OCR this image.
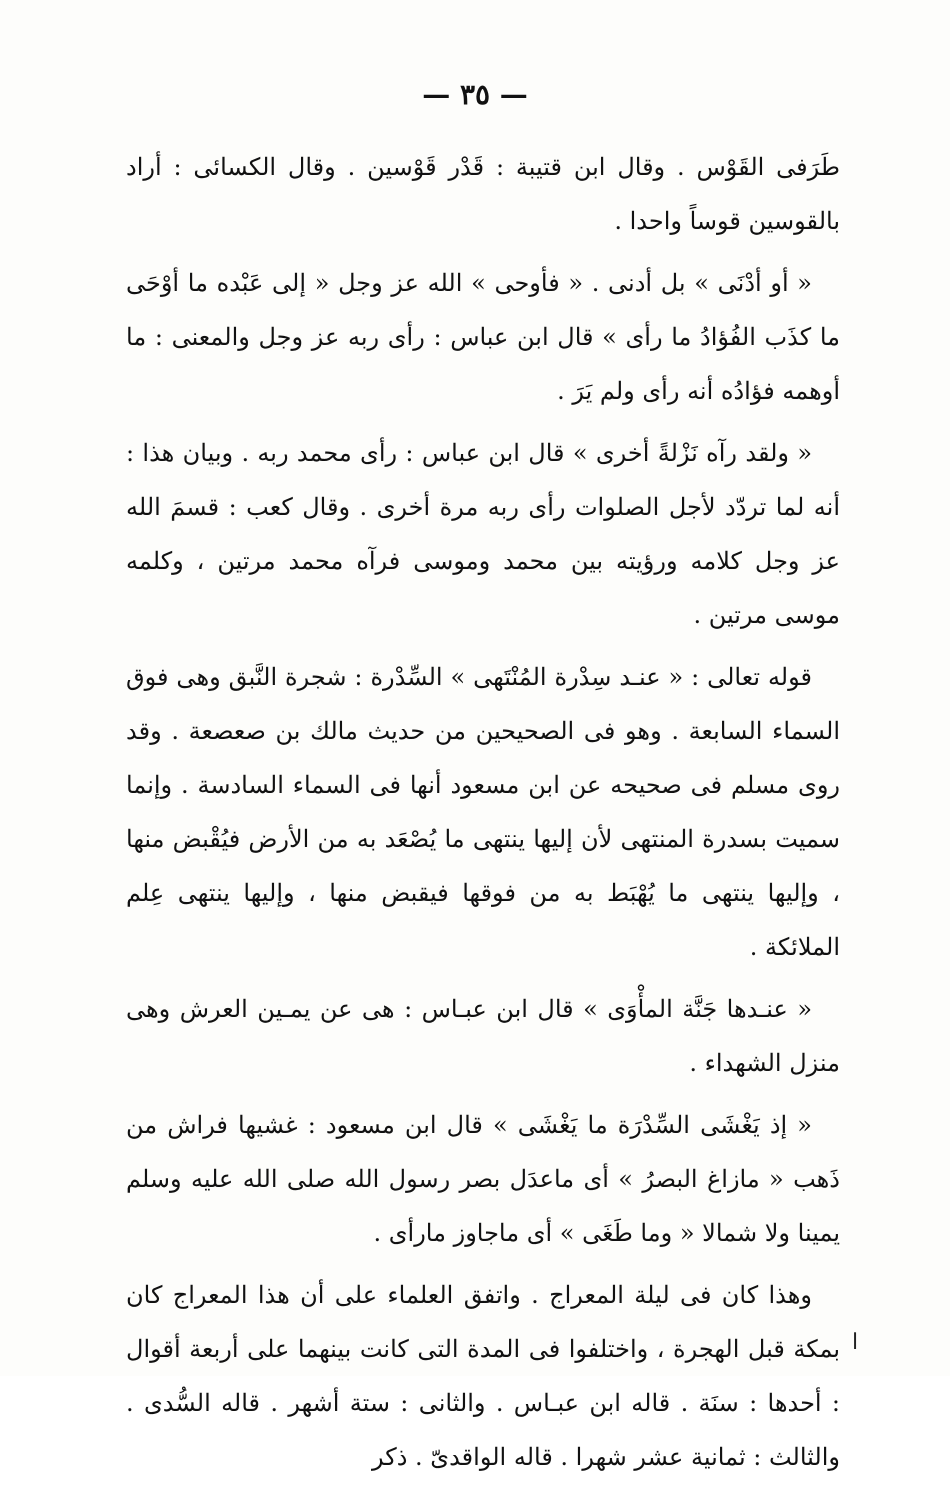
— ٣٥ —

طَرَفى القَوْس . وقال ابن قتيبة : قَدْر قَوْسين . وقال الكسائى : أراد بالقوسين قوساً واحدا .

« أو أدْنَى » بل أدنى . « فأوحى » الله عز وجل « إلى عَبْده ما أوْحَى ما كذَب الفُؤادُ ما رأى » قال ابن عباس : رأى ربه عز وجل والمعنى : ما أوهمه فؤادُه أنه رأى ولم يَرَ .

« ولقد رآه نَزْلةً أخرى » قال ابن عباس : رأى محمد ربه . وبيان هذا : أنه لما تردّد لأجل الصلوات رأى ربه مرة أخرى . وقال كعب : قسمَ الله عز وجل كلامه ورؤيته بين محمد وموسى فرآه محمد مرتين ، وكلمه موسى مرتين .

قوله تعالى : « عنـد سِدْرة المُنْتَهى » السِّدْرة : شجرة النَّبق وهى فوق السماء السابعة . وهو فى الصحيحين من حديث مالك بن صعصعة . وقد روى مسلم فى صحيحه عن ابن مسعود أنها فى السماء السادسة . وإنما سميت بسدرة المنتهى لأن إليها ينتهى ما يُصْعَد به من الأرض فيُقْبض منها ، وإليها ينتهى ما يُهْبَط به من فوقها فيقبض منها ، وإليها ينتهى عِلم الملائكة .

« عنـدها جَنَّة المأْوَى » قال ابن عبـاس : هى عن يمـين العرش وهى منزل الشهداء .

« إذ يَغْشَى السِّدْرَة ما يَغْشَى » قال ابن مسعود : غشيها فراش من ذَهب « مازاغ البصرُ » أى ماعدَل بصر رسول الله صلى الله عليه وسلم يمينا ولا شمالا « وما طَغَى » أى ماجاوز مارأى .

وهذا كان فى ليلة المعراج . واتفق العلماء على أن هذا المعراج كان بمكة قبل الهجرة ، واختلفوا فى المدة التى كانت بينهما على أربعة أقوال : أحدها : سنَة . قاله ابن عبـاس . والثانى : ستة أشهر . قاله السُّدى . والثالث : ثمانية عشر شهرا . قاله الواقدىّ . ذكر

ا
